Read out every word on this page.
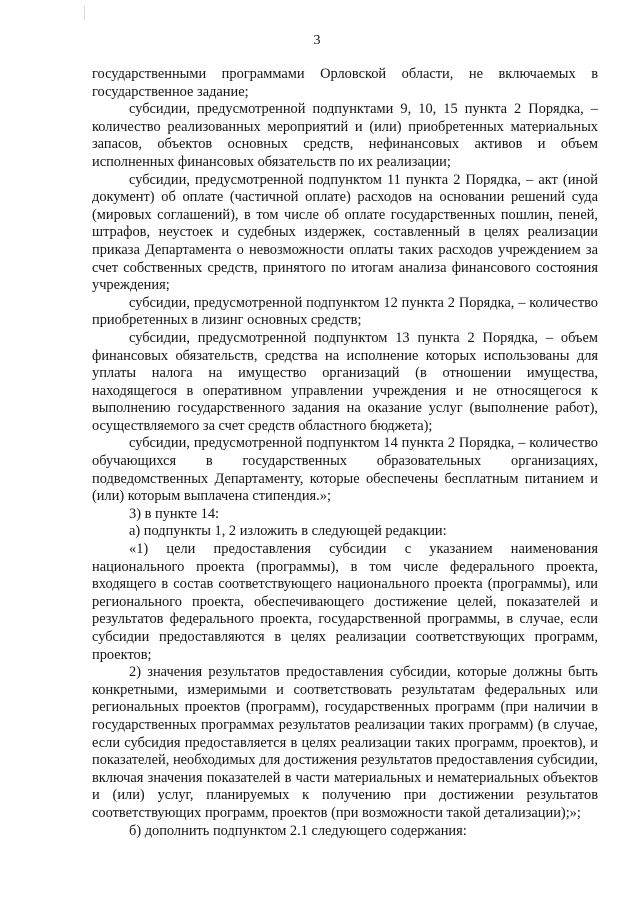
3

государственными программами Орловской области, не включаемых в государственное задание;

субсидии, предусмотренной подпунктами 9, 10, 15 пункта 2 Порядка, – количество реализованных мероприятий и (или) приобретенных материальных запасов, объектов основных средств, нефинансовых активов и объем исполненных финансовых обязательств по их реализации;

субсидии, предусмотренной подпунктом 11 пункта 2 Порядка, – акт (иной документ) об оплате (частичной оплате) расходов на основании решений суда (мировых соглашений), в том числе об оплате государственных пошлин, пеней, штрафов, неустоек и судебных издержек, составленный в целях реализации приказа Департамента о невозможности оплаты таких расходов учреждением за счет собственных средств, принятого по итогам анализа финансового состояния учреждения;

субсидии, предусмотренной подпунктом 12 пункта 2 Порядка, – количество приобретенных в лизинг основных средств;

субсидии, предусмотренной подпунктом 13 пункта 2 Порядка, – объем финансовых обязательств, средства на исполнение которых использованы для уплаты налога на имущество организаций (в отношении имущества, находящегося в оперативном управлении учреждения и не относящегося к выполнению государственного задания на оказание услуг (выполнение работ), осуществляемого за счет средств областного бюджета);

субсидии, предусмотренной подпунктом 14 пункта 2 Порядка, – количество обучающихся в государственных образовательных организациях, подведомственных Департаменту, которые обеспечены бесплатным питанием и (или) которым выплачена стипендия.»;

3) в пункте 14:

а) подпункты 1, 2 изложить в следующей редакции:

«1) цели предоставления субсидии с указанием наименования национального проекта (программы), в том числе федерального проекта, входящего в состав соответствующего национального проекта (программы), или регионального проекта, обеспечивающего достижение целей, показателей и результатов федерального проекта, государственной программы, в случае, если субсидии предоставляются в целях реализации соответствующих программ, проектов;

2) значения результатов предоставления субсидии, которые должны быть конкретными, измеримыми и соответствовать результатам федеральных или региональных проектов (программ), государственных программ (при наличии в государственных программах результатов реализации таких программ) (в случае, если субсидия предоставляется в целях реализации таких программ, проектов), и показателей, необходимых для достижения результатов предоставления субсидии, включая значения показателей в части материальных и нематериальных объектов и (или) услуг, планируемых к получению при достижении результатов соответствующих программ, проектов (при возможности такой детализации);»;

б) дополнить подпунктом 2.1 следующего содержания:
